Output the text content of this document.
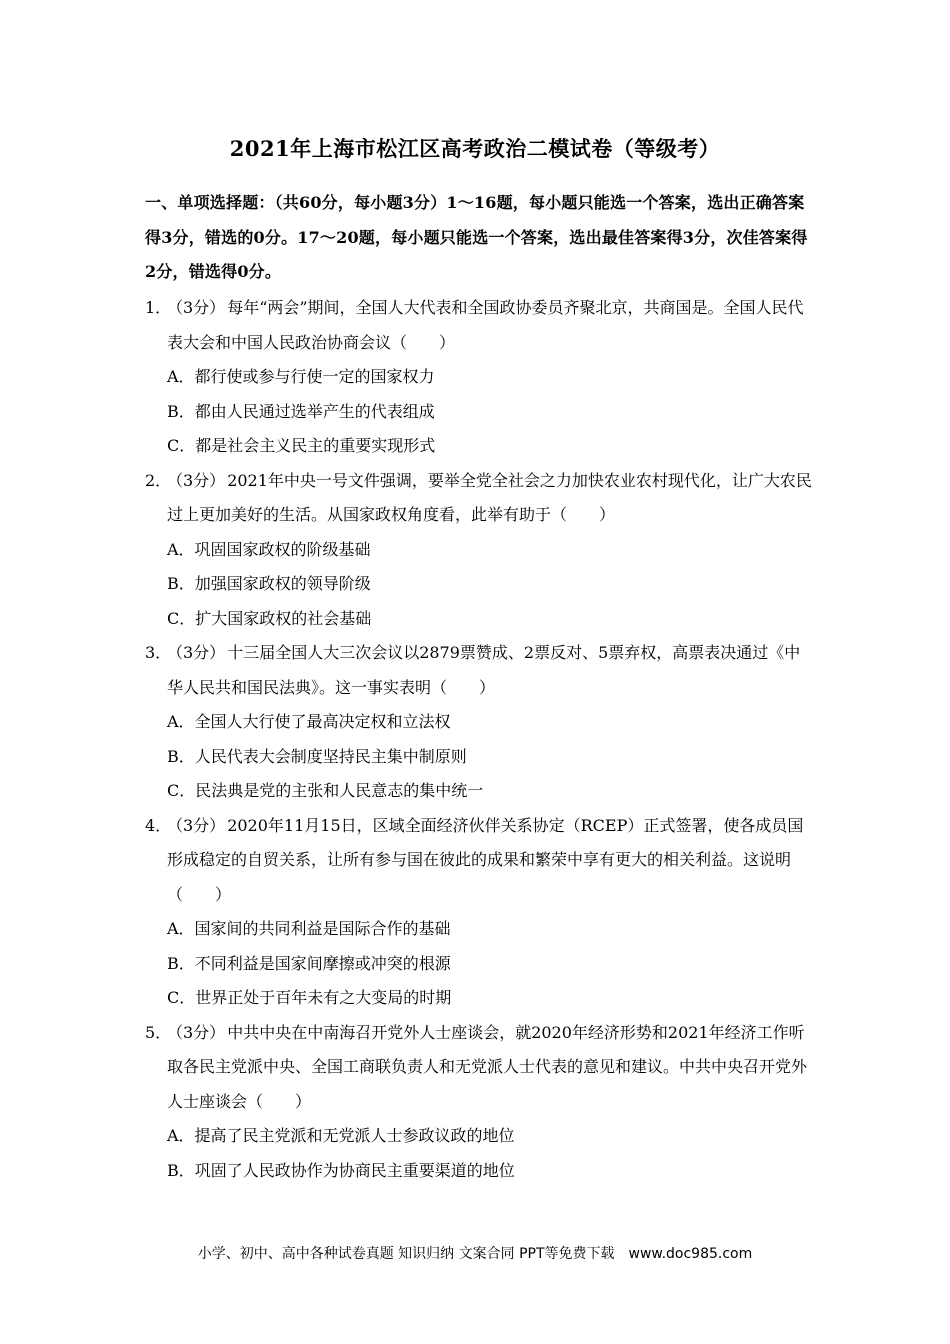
2021年上海市松江区高考政治二模试卷（等级考）
一、单项选择题：（共60分，每小题3分）1～16题，每小题只能选一个答案，选出正确答案得3分，错选的0分。17～20题，每小题只能选一个答案，选出最佳答案得3分，次佳答案得2分，错选得0分。
1．
（3分） 每年“两会”期间，全国人大代表和全国政协委员齐聚北京，共商国是。全国人民代表大会和中国人民政治协商会议（　　）
A．都行使或参与行使一定的国家权力
B．都由人民通过选举产生的代表组成
C．都是社会主义民主的重要实现形式
2．
（3分） 2021年中央一号文件强调，要举全党全社会之力加快农业农村现代化，让广大农民过上更加美好的生活。从国家政权角度看，此举有助于（　　）
A．巩固国家政权的阶级基础
B．加强国家政权的领导阶级
C．扩大国家政权的社会基础
3．
（3分） 十三届全国人大三次会议以2879票赞成、2票反对、5票弃权，高票表决通过《中华人民共和国民法典》。这一事实表明（　　）
A．全国人大行使了最高决定权和立法权
B．人民代表大会制度坚持民主集中制原则
C．民法典是党的主张和人民意志的集中统一
4．
（3分） 2020年11月15日，区域全面经济伙伴关系协定（RCEP）正式签署，使各成员国形成稳定的自贸关系，让所有参与国在彼此的成果和繁荣中享有更大的相关利益。这说明（　　）
A．国家间的共同利益是国际合作的基础
B．不同利益是国家间摩擦或冲突的根源
C．世界正处于百年未有之大变局的时期
5．
（3分） 中共中央在中南海召开党外人士座谈会，就2020年经济形势和2021年经济工作听取各民主党派中央、全国工商联负责人和无党派人士代表的意见和建议。中共中央召开党外人士座谈会（　　）
A．提高了民主党派和无党派人士参政议政的地位
B．巩固了人民政协作为协商民主重要渠道的地位
小学、初中、高中各种试卷真题 知识归纳 文案合同 PPT等免费下载　www.doc985.com
